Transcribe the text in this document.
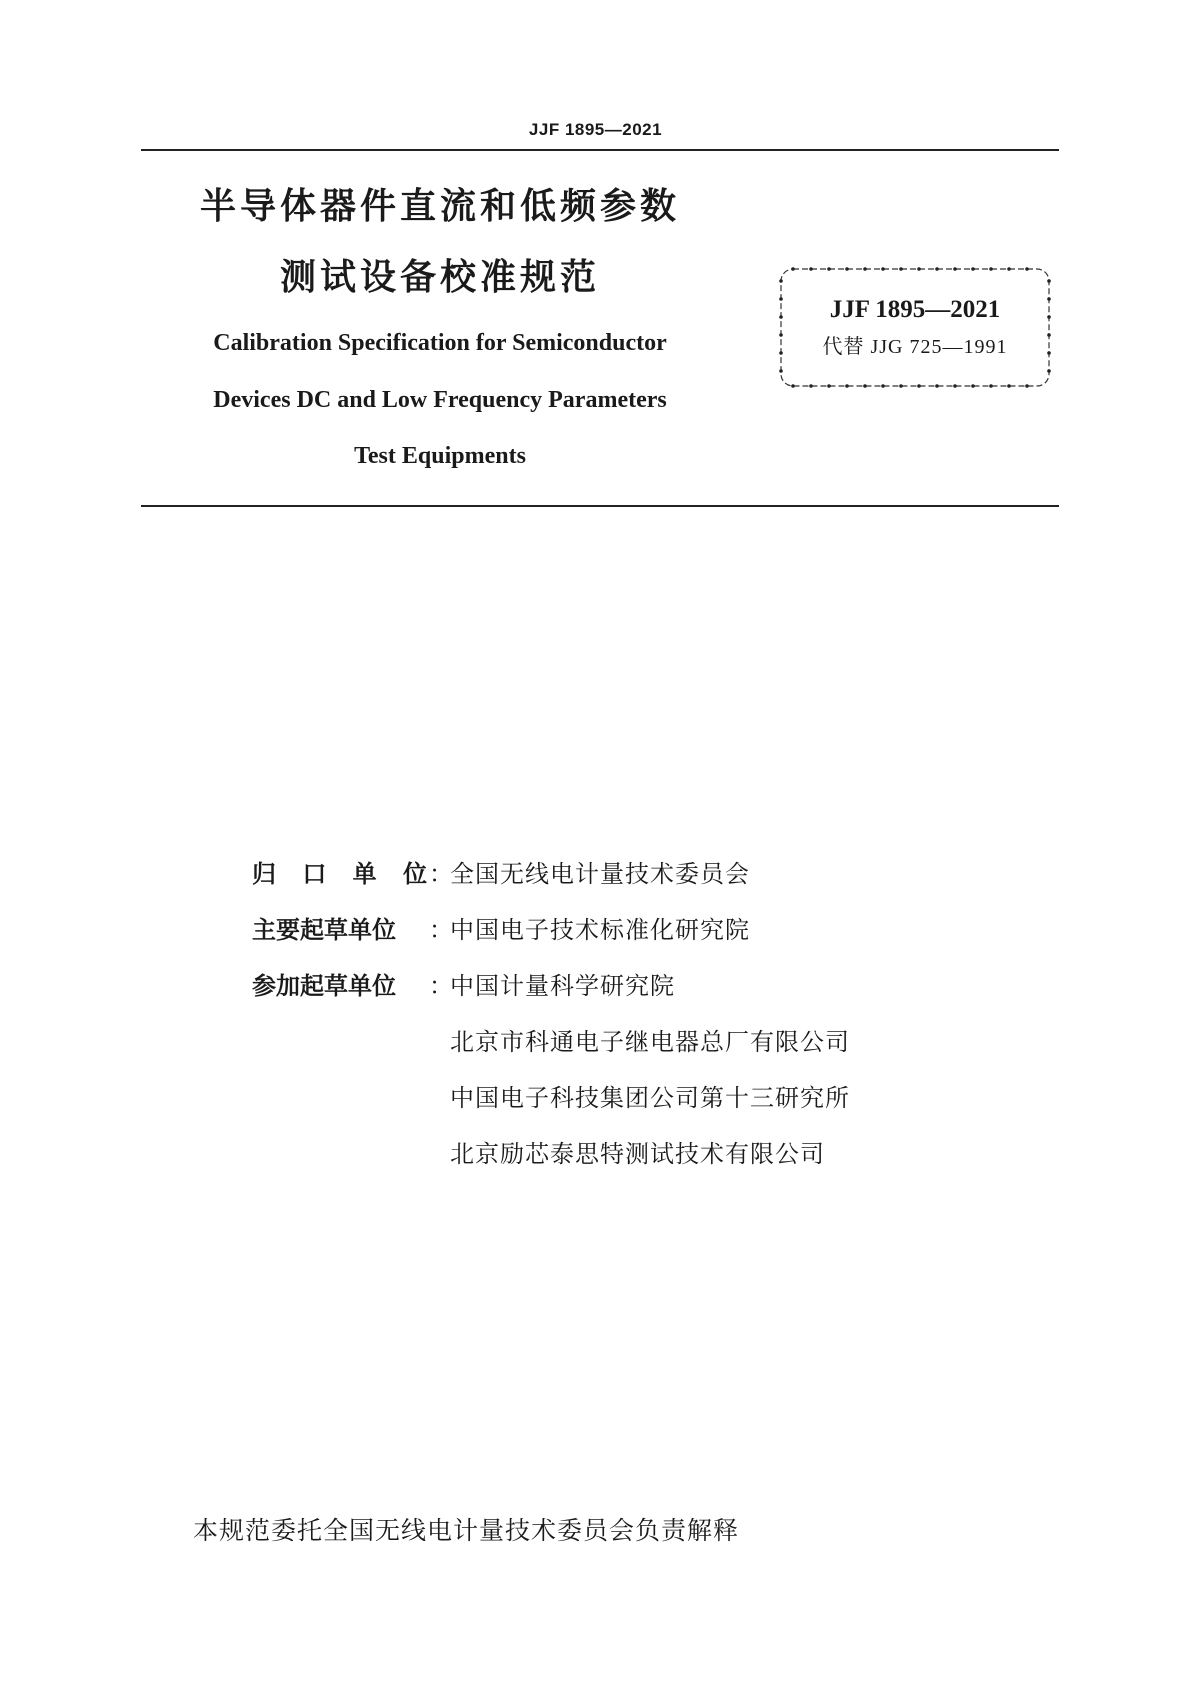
JJF 1895—2021
半导体器件直流和低频参数
测试设备校准规范
Calibration Specification for Semiconductor
Devices DC and Low Frequency Parameters
Test Equipments
JJF 1895—2021
代替 JJG 725—1991
归 口 单 位 ：
全国无线电计量技术委员会
主要起草单位 ：
中国电子技术标准化研究院
参加起草单位 ：
中国计量科学研究院
北京市科通电子继电器总厂有限公司
中国电子科技集团公司第十三研究所
北京励芯泰思特测试技术有限公司
本规范委托全国无线电计量技术委员会负责解释
